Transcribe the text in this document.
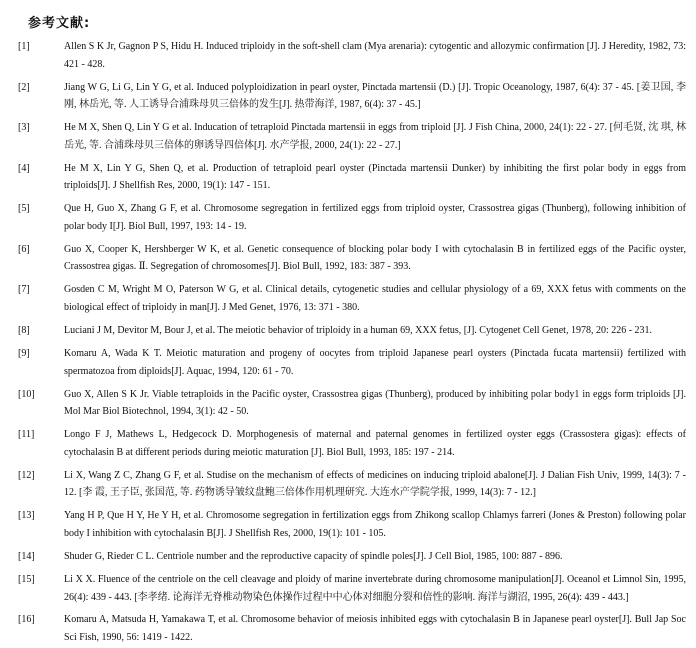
参考文献:
[1]	Allen S K Jr, Gagnon P S, Hidu H. Induced triploidy in the soft-shell clam (Mya arenaria): cytogentic and allozymic confirmation [J]. J Heredity, 1982, 73: 421 - 428.
[2]	Jiang W G, Li G, Lin Y G, et al. Induced polyploidization in pearl oyster, Pinctada martensii (D.) [J]. Tropic Oceanology, 1987, 6(4): 37 - 45. [姜卫国, 李 刚, 林岳光, 等. 人工诱导合浦珠母贝三倍体的发生[J]. 热带海洋, 1987, 6(4): 37 - 45.]
[3]	He M X, Shen Q, Lin Y G et al. Inducation of tetraploid Pinctada martensii in eggs from triploid [J]. J Fish China, 2000, 24(1): 22 - 27. [何毛贤, 沈 琪, 林岳光, 等. 合浦珠母贝三倍体的卵诱导四倍体[J]. 水产学报, 2000, 24(1): 22 - 27.]
[4]	He M X, Lin Y G, Shen Q, et al. Production of tetraploid pearl oyster (Pinctada martensii Dunker) by inhibiting the first polar body in eggs from triploids[J]. J Shellfish Res, 2000, 19(1): 147 - 151.
[5]	Que H, Guo X, Zhang G F, et al. Chromosome segregation in fertilized eggs from triploid oyster, Crassostrea gigas (Thunberg), following inhibition of polar body I[J]. Biol Bull, 1997, 193: 14 - 19.
[6]	Guo X, Cooper K, Hershberger W K, et al. Genetic consequence of blocking polar body I with cytochalasin B in fertilized eggs of the Pacific oyster, Crassostrea gigas. Ⅱ. Segregation of chromosomes[J]. Biol Bull, 1992, 183: 387 - 393.
[7]	Gosden C M, Wright M O, Paterson W G, et al. Clinical details, cytogenetic studies and cellular physiology of a 69, XXX fetus with comments on the biological effect of triploidy in man[J]. J Med Genet, 1976, 13: 371 - 380.
[8]	Luciani J M, Devitor M, Bour J, et al. The meiotic behavior of triploidy in a human 69, XXX fetus, [J]. Cytogenet Cell Genet, 1978, 20: 226 - 231.
[9]	Komaru A, Wada K T. Meiotic maturation and progeny of oocytes from triploid Japanese pearl oysters (Pinctada fucata martensii) fertilized with spermatozoa from diploids[J]. Aquac, 1994, 120: 61 - 70.
[10]	Guo X, Allen S K Jr. Viable tetraploids in the Pacific oyster, Crassostrea gigas (Thunberg), produced by inhibiting polar body1 in eggs form triploids [J]. Mol Mar Biol Biotechnol, 1994, 3(1): 42 - 50.
[11]	Longo F J, Mathews L, Hedgecock D. Morphogenesis of maternal and paternal genomes in fertilized oyster eggs (Crassostera gigas): effects of cytochalasin B at different periods during meiotic maturation [J]. Biol Bull, 1993, 185: 197 - 214.
[12]	Li X, Wang Z C, Zhang G F, et al. Studise on the mechanism of effects of medicines on inducing triploid abalone[J]. J Dalian Fish Univ, 1999, 14(3): 7 - 12. [李 霞, 王子臣, 张国范, 等. 药物诱导皱纹盘鲍三倍体作用机理研究. 大连水产学院学报, 1999, 14(3): 7 - 12.]
[13]	Yang H P, Que H Y, He Y H, et al. Chromosome segregation in fertilization eggs from Zhikong scallop Chlamys farreri (Jones & Preston) following polar body I inhibition with cytochalasin B[J]. J Shellfish Res, 2000, 19(1): 101 - 105.
[14]	Shuder G, Rieder C L. Centriole number and the reproductive capacity of spindle poles[J]. J Cell Biol, 1985, 100: 887 - 896.
[15]	Li X X. Fluence of the centriole on the cell cleavage and ploidy of marine invertebrate during chromosome manipulation[J]. Oceanol et Limnol Sin, 1995, 26(4): 439 - 443. [李孝绪. 论海洋无脊椎动物染色体操作过程中中心体对细胞分裂和倍性的影响. 海洋与湖沼, 1995, 26(4): 439 - 443.]
[16]	Komaru A, Matsuda H, Yamakawa T, et al. Chromosome behavior of meiosis inhibited eggs with cytochalasin B in Japanese pearl oyster[J]. Bull Jap Soc Sci Fish, 1990, 56: 1419 - 1422.
